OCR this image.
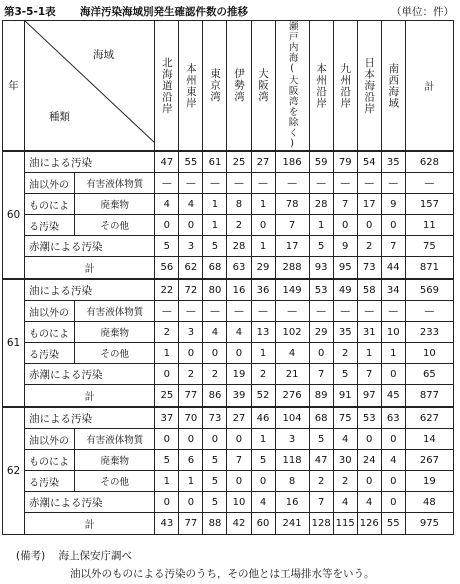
第3-5-1表 海洋汚染海域別発生確認件数の推移	（単位：件）
年	海域
種類		北海道沿岸	本州東岸	東京湾	伊勢湾	大阪湾	瀬戸内海(大阪湾を除く)	本州沿岸	九州沿岸	日本海沿岸	南西海域	計
60	油による汚染		47	55	61	25	27	186	59	79	54	35	628
	油以外の	有害液体物質	—	—	—	—	—	—	—	—	—	—	—
	ものによ	廃棄物	4	4	1	8	1	78	28	7	17	9	157
	る汚染	その他	0	0	1	2	0	7	1	0	0	0	11
	赤潮による汚染		5	3	5	28	1	17	5	9	2	7	75
	計		56	62	68	63	29	288	93	95	73	44	871
61	油による汚染		22	72	80	16	36	149	53	49	58	34	569
	油以外の	有害液体物質	—	—	—	—	—	—	—	—	—	—	—
	ものによ	廃棄物	2	3	4	4	13	102	29	35	31	10	233
	る汚染	その他	1	0	0	0	1	4	0	2	1	1	10
	赤潮による汚染		0	2	2	19	2	21	7	5	7	0	65
	計		25	77	86	39	52	276	89	91	97	45	877
62	油による汚染		37	70	73	27	46	104	68	75	53	63	627
	油以外の	有害液体物質	0	0	0	0	1	3	5	4	0	0	14
	ものによ	廃棄物	5	6	5	7	5	118	47	30	24	4	267
	る汚染	その他	1	1	5	0	0	8	2	2	0	0	19
	赤潮による汚染		0	0	5	10	4	16	7	4	4	0	48
	計		43	77	88	42	60	241	128	115	126	55	975
(備考) 海上保安庁調べ
油以外のものによる汚染のうち，その他とは工場排水等をいう。
